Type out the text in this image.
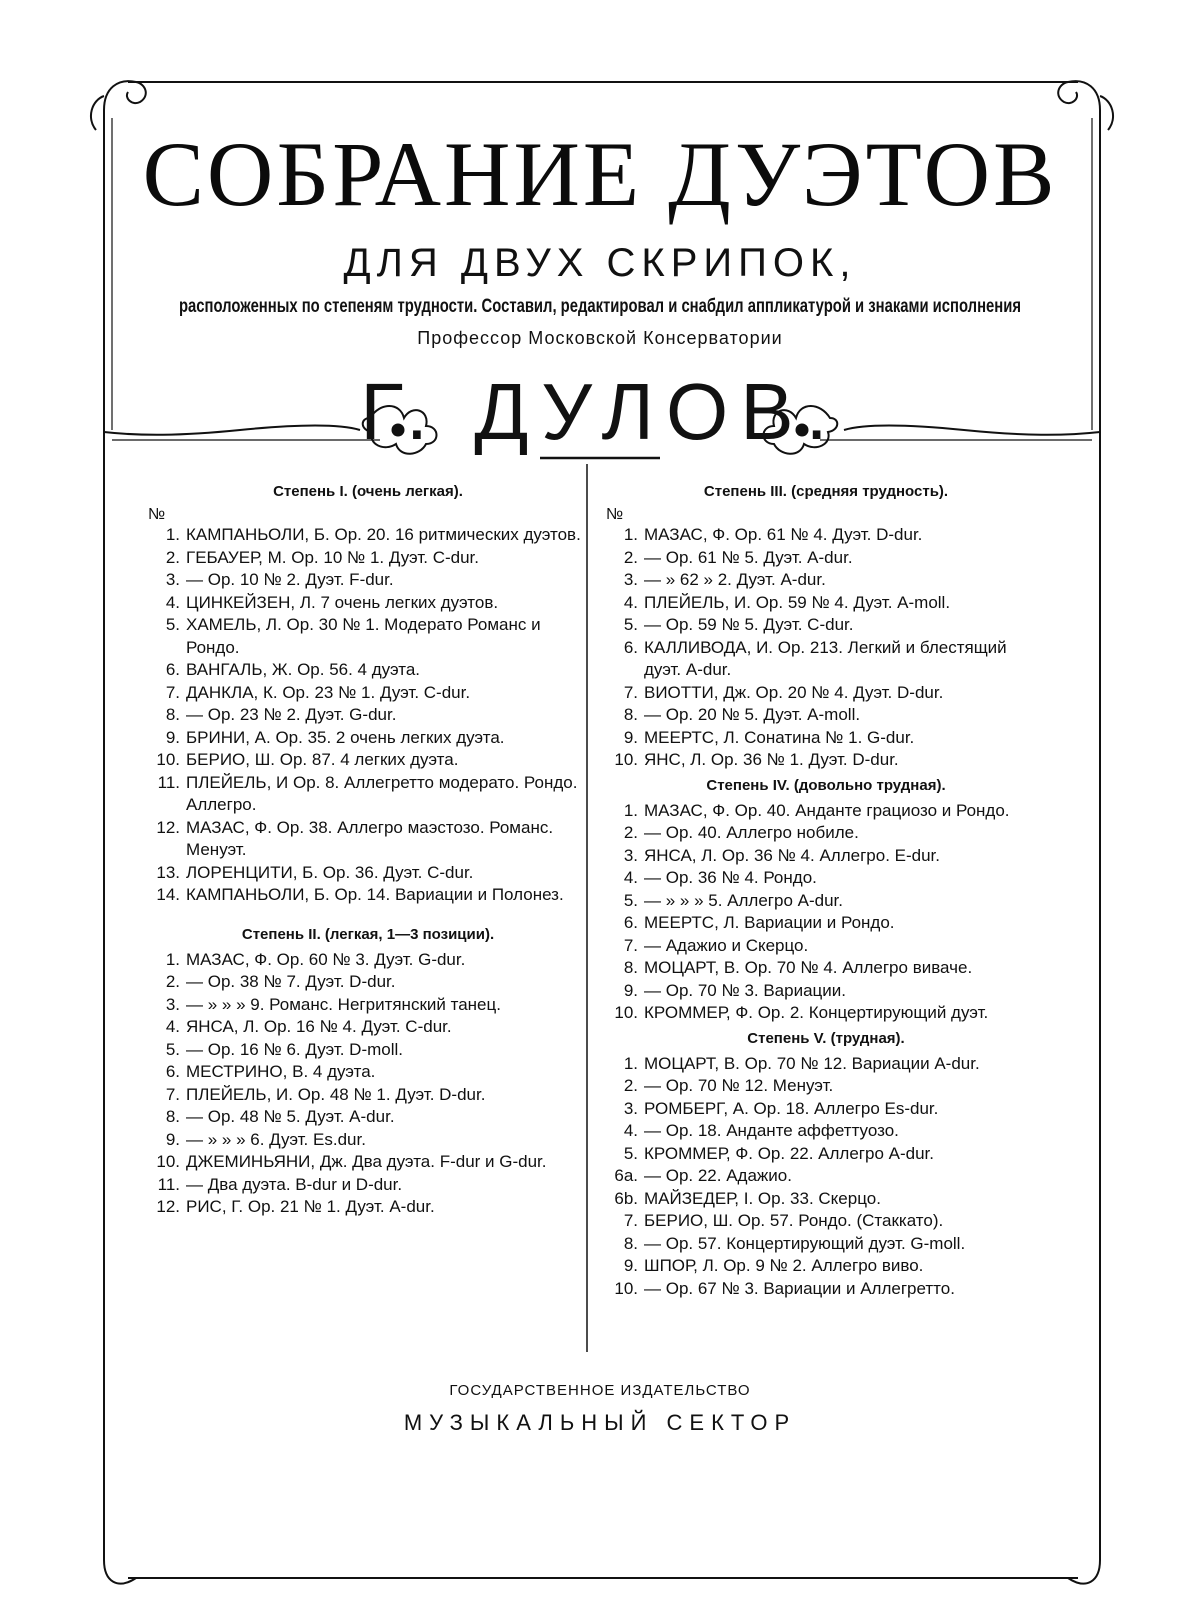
СОБРАНИЕ ДУЭТОВ
ДЛЯ ДВУХ СКРИПОК,
расположенных по степеням трудности. Составил, редактировал и снабдил аппликатурой и знаками исполнения
Профессор Московской Консерватории
Г. ДУЛОВ.
Степень I. (очень легкая).
№
1. КАМПАНЬОЛИ, Б. Ор. 20. 16 ритмических дуэтов.
2. ГЕБАУЕР, М. Ор. 10 № 1. Дуэт. C-dur.
3. — Ор. 10 № 2. Дуэт. F-dur.
4. ЦИНКЕЙЗЕН, Л. 7 очень легких дуэтов.
5. ХАМЕЛЬ, Л. Ор. 30 № 1. Модерато Романс и Рондо.
6. ВАНГАЛЬ, Ж. Ор. 56. 4 дуэта.
7. ДАНКЛА, К. Ор. 23 № 1. Дуэт. C-dur.
8. — Ор. 23 № 2. Дуэт. G-dur.
9. БРИНИ, А. Ор. 35. 2 очень легких дуэта.
10. БЕРИО, Ш. Ор. 87. 4 легких дуэта.
11. ПЛЕЙЕЛЬ, И Ор. 8. Аллегретто модерато. Рондо. Аллегро.
12. МАЗАС, Ф. Ор. 38. Аллегро маэстозо. Романс. Менуэт.
13. ЛОРЕНЦИТИ, Б. Ор. 36. Дуэт. C-dur.
14. КАМПАНЬОЛИ, Б. Ор. 14. Вариации и Полонез.
Степень II. (легкая, 1—3 позиции).
1. МАЗАС, Ф. Ор. 60 № 3. Дуэт. G-dur.
2. — Ор. 38 № 7. Дуэт. D-dur.
3. — » » » 9. Романс. Негритянский танец.
4. ЯНСА, Л. Ор. 16 № 4. Дуэт. C-dur.
5. — Ор. 16 № 6. Дуэт. D-moll.
6. МЕСТРИНО, В. 4 дуэта.
7. ПЛЕЙЕЛЬ, И. Ор. 48 № 1. Дуэт. D-dur.
8. — Ор. 48 № 5. Дуэт. A-dur.
9. — » » » 6. Дуэт. Es.dur.
10. ДЖЕМИНЬЯНИ, Дж. Два дуэта. F-dur и G-dur.
11. — Два дуэта. B-dur и D-dur.
12. РИС, Г. Ор. 21 № 1. Дуэт. A-dur.
Степень III. (средняя трудность).
№
1. МАЗАС, Ф. Ор. 61 № 4. Дуэт. D-dur.
2. — Ор. 61 № 5. Дуэт. A-dur.
3. — » 62 » 2. Дуэт. A-dur.
4. ПЛЕЙЕЛЬ, И. Ор. 59 № 4. Дуэт. A-moll.
5. — Ор. 59 № 5. Дуэт. C-dur.
6. КАЛЛИВОДА, И. Ор. 213. Легкий и блестящий дуэт. A-dur.
7. ВИОТТИ, Дж. Ор. 20 № 4. Дуэт. D-dur.
8. — Ор. 20 № 5. Дуэт. A-moll.
9. МЕЕРТС, Л. Сонатина № 1. G-dur.
10. ЯНС, Л. Ор. 36 № 1. Дуэт. D-dur.
Степень IV. (довольно трудная).
1. МАЗАС, Ф. Ор. 40. Анданте грациозо и Рондо.
2. — Ор. 40. Аллегро нобиле.
3. ЯНСА, Л. Ор. 36 № 4. Аллегро. E-dur.
4. — Ор. 36 № 4. Рондо.
5. — » » » 5. Аллегро A-dur.
6. МЕЕРТС, Л. Вариации и Рондо.
7. — Адажио и Скерцо.
8. МОЦАРТ, В. Ор. 70 № 4. Аллегро виваче.
9. — Ор. 70 № 3. Вариации.
10. КРОММЕР, Ф. Ор. 2. Концертирующий дуэт.
Степень V. (трудная).
1. МОЦАРТ, В. Ор. 70 № 12. Вариации A-dur.
2. — Ор. 70 № 12. Менуэт.
3. РОМБЕРГ, А. Ор. 18. Аллегро Es-dur.
4. — Ор. 18. Анданте аффеттуозо.
5. КРОММЕР, Ф. Ор. 22. Аллегро A-dur.
6а. — Ор. 22. Адажио.
6b. МАЙЗЕДЕР, I. Ор. 33. Скерцо.
7. БЕРИО, Ш. Ор. 57. Рондо. (Стаккато).
8. — Ор. 57. Концертирующий дуэт. G-moll.
9. ШПОР, Л. Ор. 9 № 2. Аллегро виво.
10. — Ор. 67 № 3. Вариации и Аллегретто.
ГОСУДАРСТВЕННОЕ ИЗДАТЕЛЬСТВО
МУЗЫКАЛЬНЫЙ СЕКТОР
